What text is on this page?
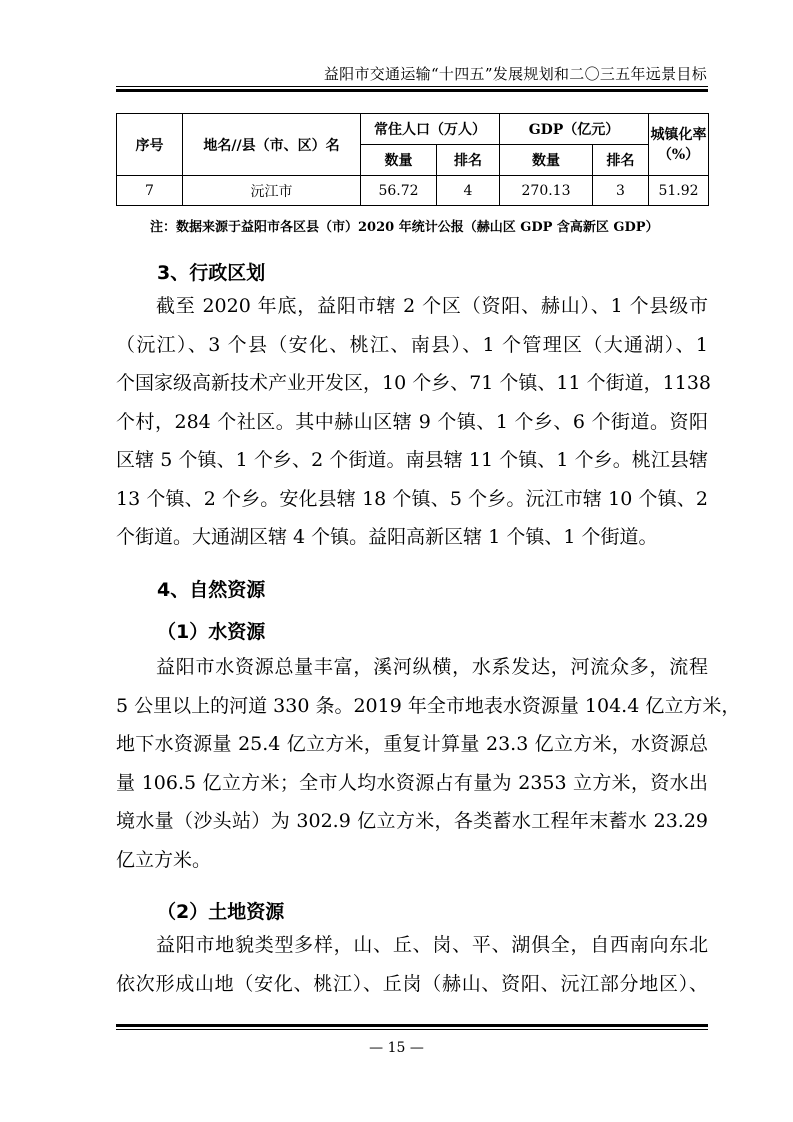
益阳市交通运输“十四五”发展规划和二〇三五年远景目标
序号	地名//县（市、区）名	常住人口（万人）		GDP（亿元）		城镇化率（%）
		数量	排名	数量	排名	
7	沅江市	56.72	4	270.13	3	51.92
注：数据来源于益阳市各区县（市）2020 年统计公报（赫山区 GDP 含高新区 GDP）
3、行政区划
截至 2020 年底，益阳市辖 2 个区（资阳、赫山）、1 个县级市
（沅江）、3 个县（安化、桃江、南县）、1 个管理区（大通湖）、1
个国家级高新技术产业开发区，10 个乡、71 个镇、11 个街道，1138
个村，284 个社区。其中赫山区辖 9 个镇、1 个乡、6 个街道。资阳
区辖 5 个镇、1 个乡、2 个街道。南县辖 11 个镇、1 个乡。桃江县辖
13 个镇、2 个乡。安化县辖 18 个镇、5 个乡。沅江市辖 10 个镇、2
个街道。大通湖区辖 4 个镇。益阳高新区辖 1 个镇、1 个街道。
4、自然资源
（1）水资源
益阳市水资源总量丰富，溪河纵横，水系发达，河流众多，流程
5 公里以上的河道 330 条。2019 年全市地表水资源量 104.4 亿立方米，
地下水资源量 25.4 亿立方米，重复计算量 23.3 亿立方米，水资源总
量 106.5 亿立方米；全市人均水资源占有量为 2353 立方米，资水出
境水量（沙头站）为 302.9 亿立方米，各类蓄水工程年末蓄水 23.29
亿立方米。
（2）土地资源
益阳市地貌类型多样，山、丘、岗、平、湖俱全，自西南向东北
依次形成山地（安化、桃江）、丘岗（赫山、资阳、沅江部分地区）、
— 15 —
